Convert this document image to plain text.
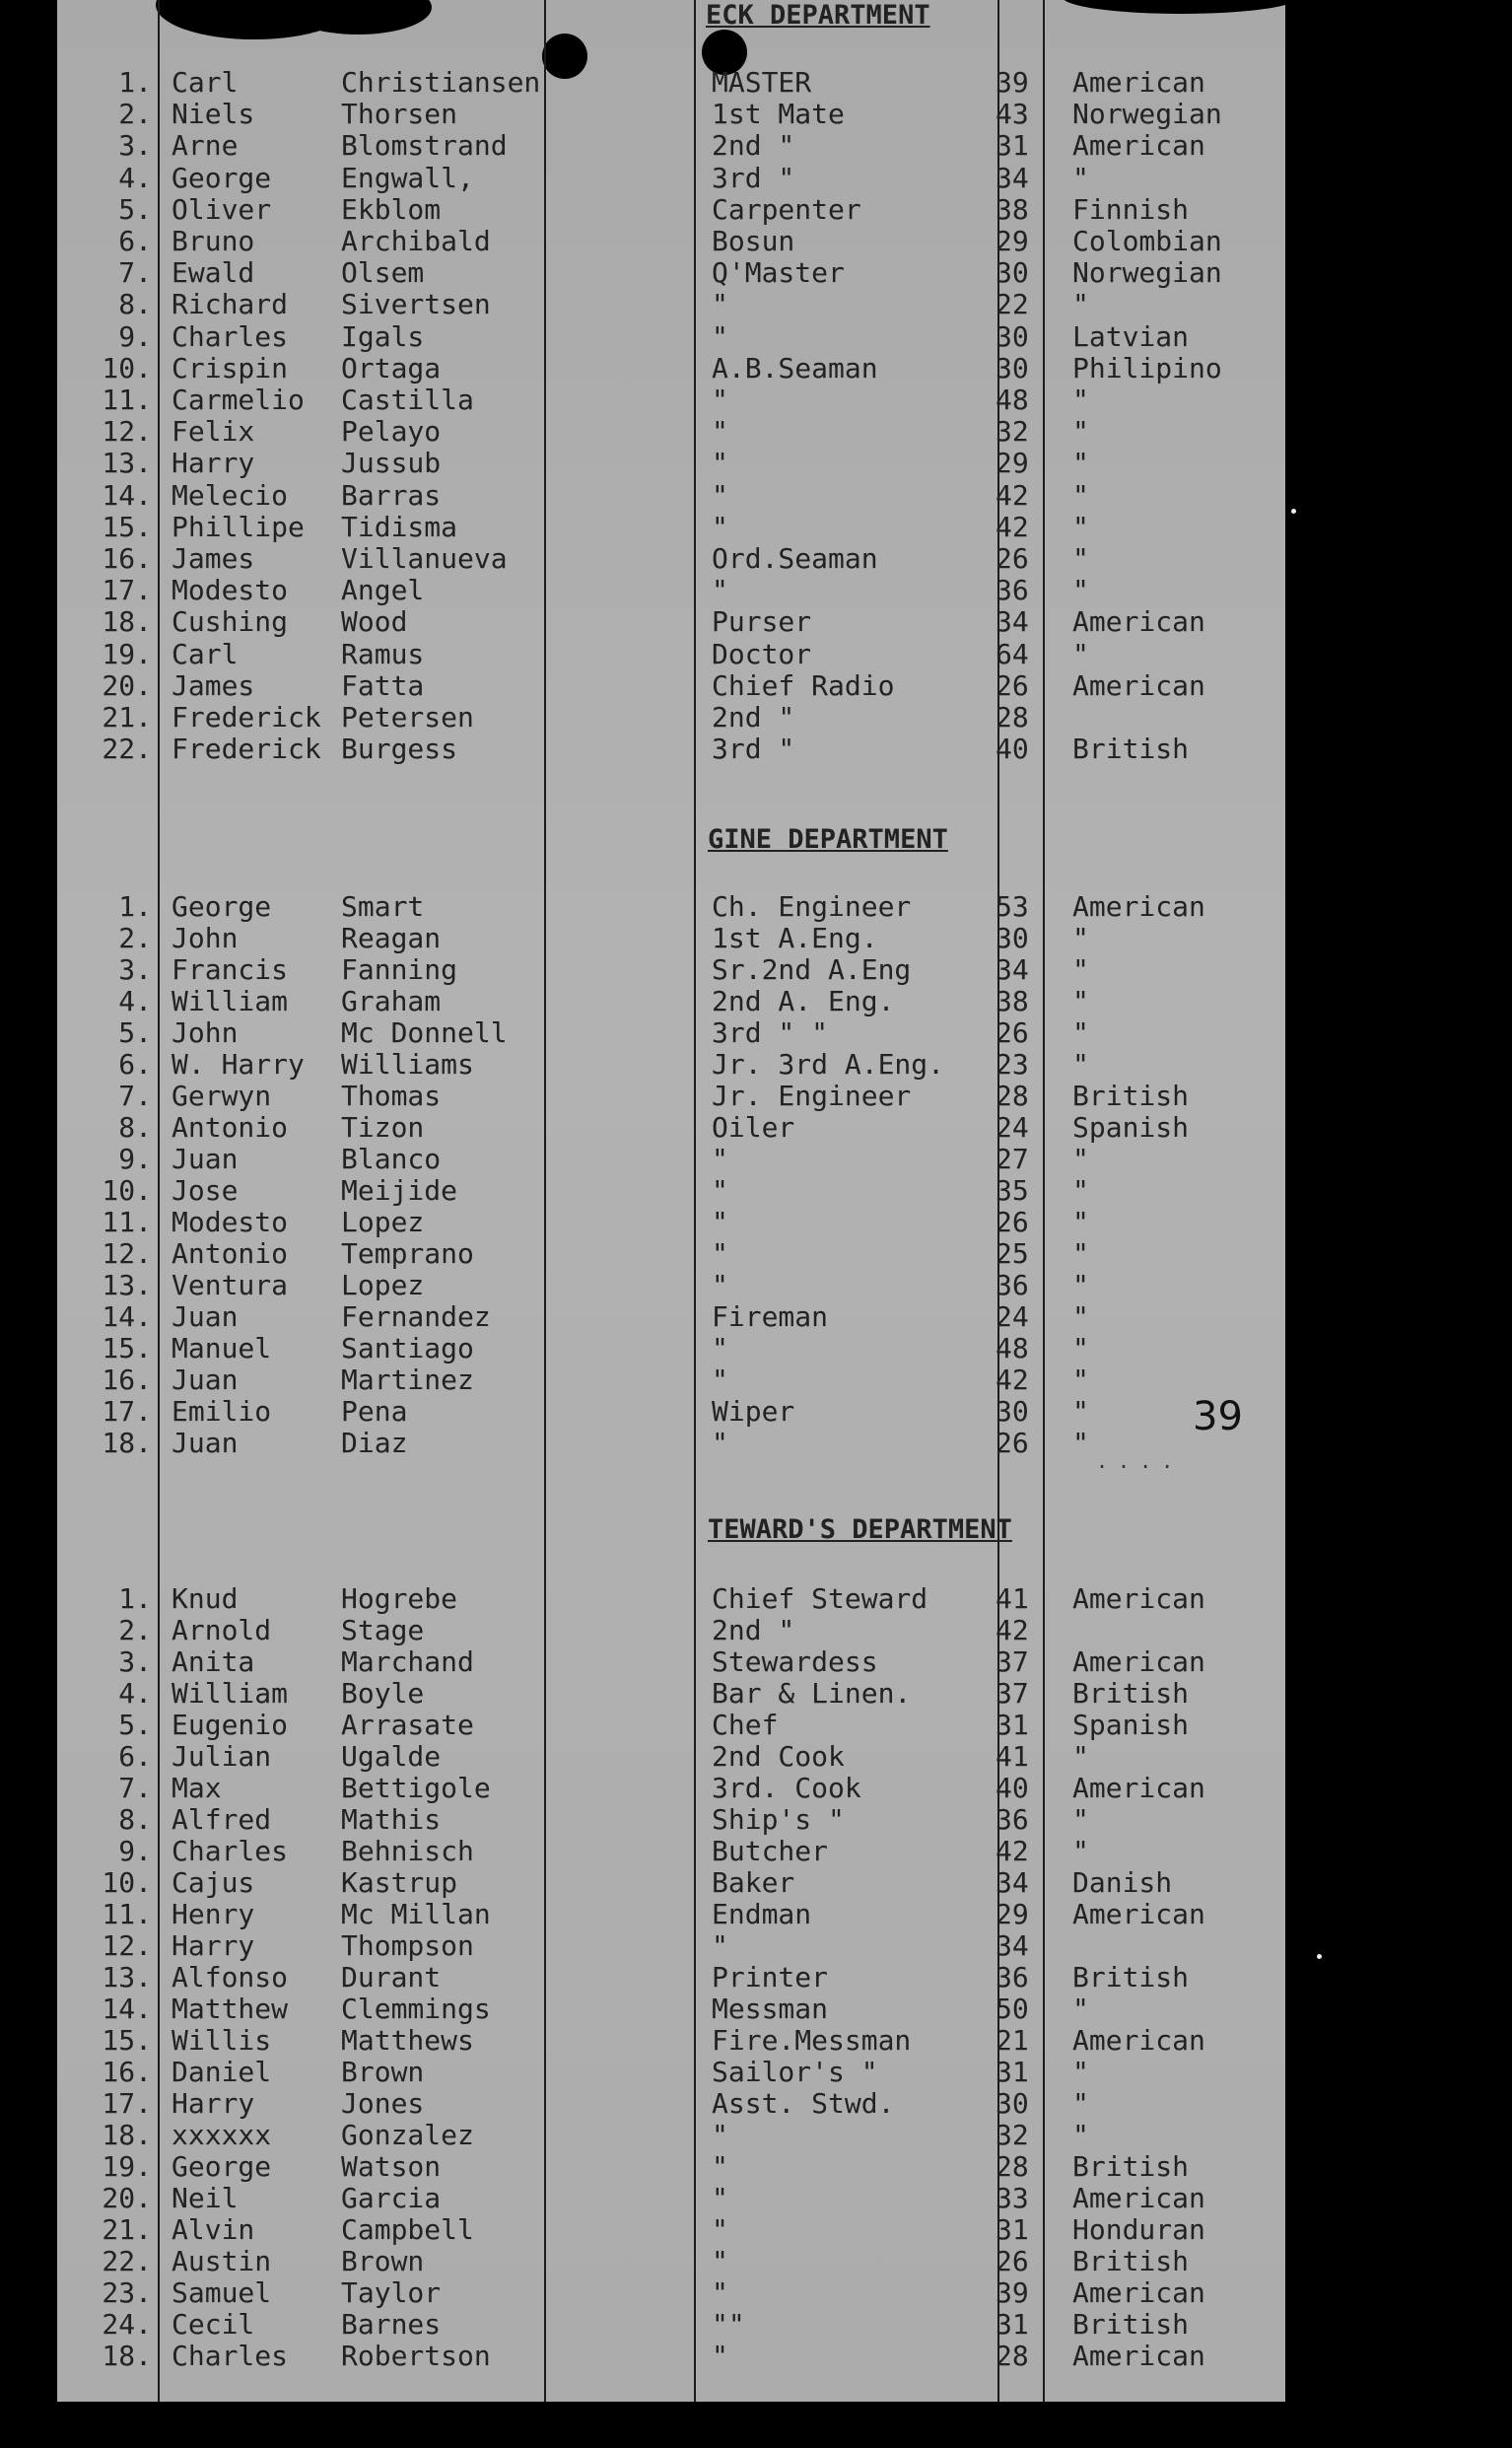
ECK DEPARTMENT
1. Carl	Christiansen	MASTER	39 American
2. Niels	Thorsen	1st Mate	43 Norwegian
3. Arne	Blomstrand	2nd "	31 American
4. George	Engwall,	3rd "	34 "
5. Oliver	Ekblom	Carpenter	38 Finnish
6. Bruno	Archibald	Bosun	29 Colombian
7. Ewald	Olsem	Q'Master	30 Norwegian
8. Richard Sivertsen	"	22 "
9. Charles Igals	"	30 Latvian
10. Crispin Ortaga	A.B.Seaman	30 Philipino
11. Carmelio Castilla	"	48 "
12. Felix	Pelayo	"	32 "
13. Harry	Jussub	"	29 "
14. Melecio Barras	"	42 "
15. Phillipe Tidisma	"	42 "
16. James	Villanueva	Ord.Seaman	26 "
17. Modesto Angel	"	36 "
18. Cushing Wood	Purser	34 American
19. Carl	Ramus	Doctor	64 "
20. James	Fatta	Chief Radio	26 American
21. Frederick Petersen	2nd "	28
22. Frederick Burgess	3rd "	40 British
GINE DEPARTMENT
1. George	Smart	Ch. Engineer	53 American
2. John	Reagan	1st A.Eng.	30 "
3. Francis Fanning	Sr.2nd A.Eng	34 "
4. William Graham	2nd A. Eng.	38 "
5. John	Mc Donnell	3rd " "	26 "
6. W. Harry Williams	Jr. 3rd A.Eng. 23 "
7. Gerwyn	Thomas	Jr. Engineer	28 British
8. Antonio Tizon	Oiler	24 Spanish
9. Juan	Blanco	"	27 "
10. Jose	Meijide	"	35 "
11. Modesto Lopez	"	26 "
12. Antonio Temprano	"	25 "
13. Ventura Lopez	"	36 "
14. Juan	Fernandez	Fireman	24 "
15. Manuel	Santiago	"	48 "
16. Juan	Martinez	"	42 "
17. Emilio	Pena	Wiper	30 "
18. Juan	Diaz	"	26 "
TEWARD'S DEPARTMENT
1. Knud	Hogrebe	Chief Steward 41 American
2. Arnold	Stage	2nd "	42
3. Anita	Marchand	Stewardess	37 American
4. William Boyle	Bar & Linen.	37 British
5. Eugenio Arrasate	Chef	31 Spanish
6. Julian	Ugalde	2nd Cook	41 "
7. Max	Bettigole	3rd. Cook	40 American
8. Alfred	Mathis	Ship's "	36 "
9. Charles Behnisch	Butcher	42 "
10. Cajus	Kastrup	Baker	34 Danish
11. Henry	Mc Millan	Endman	29 American
12. Harry	Thompson	"	34
13. Alfonso Durant	Printer	36 British
14. Matthew Clemmings	Messman	50 "
15. Willis	Matthews	Fire.Messman	21 American
16. Daniel	Brown	Sailor's "	31 "
17. Harry	Jones	Asst. Stwd.	30 "
18. xxxxxx	Gonzalez	"	32 "
19. George	Watson	"	28 British
20. Neil	Garcia	"	33 American
21. Alvin	Campbell	"	31 Honduran
22. Austin	Brown	"	26 British
23. Samuel	Taylor	"	39 American
24. Cecil	Barnes	""	31 British
18. Charles Robertson	"	28 American
39
....
